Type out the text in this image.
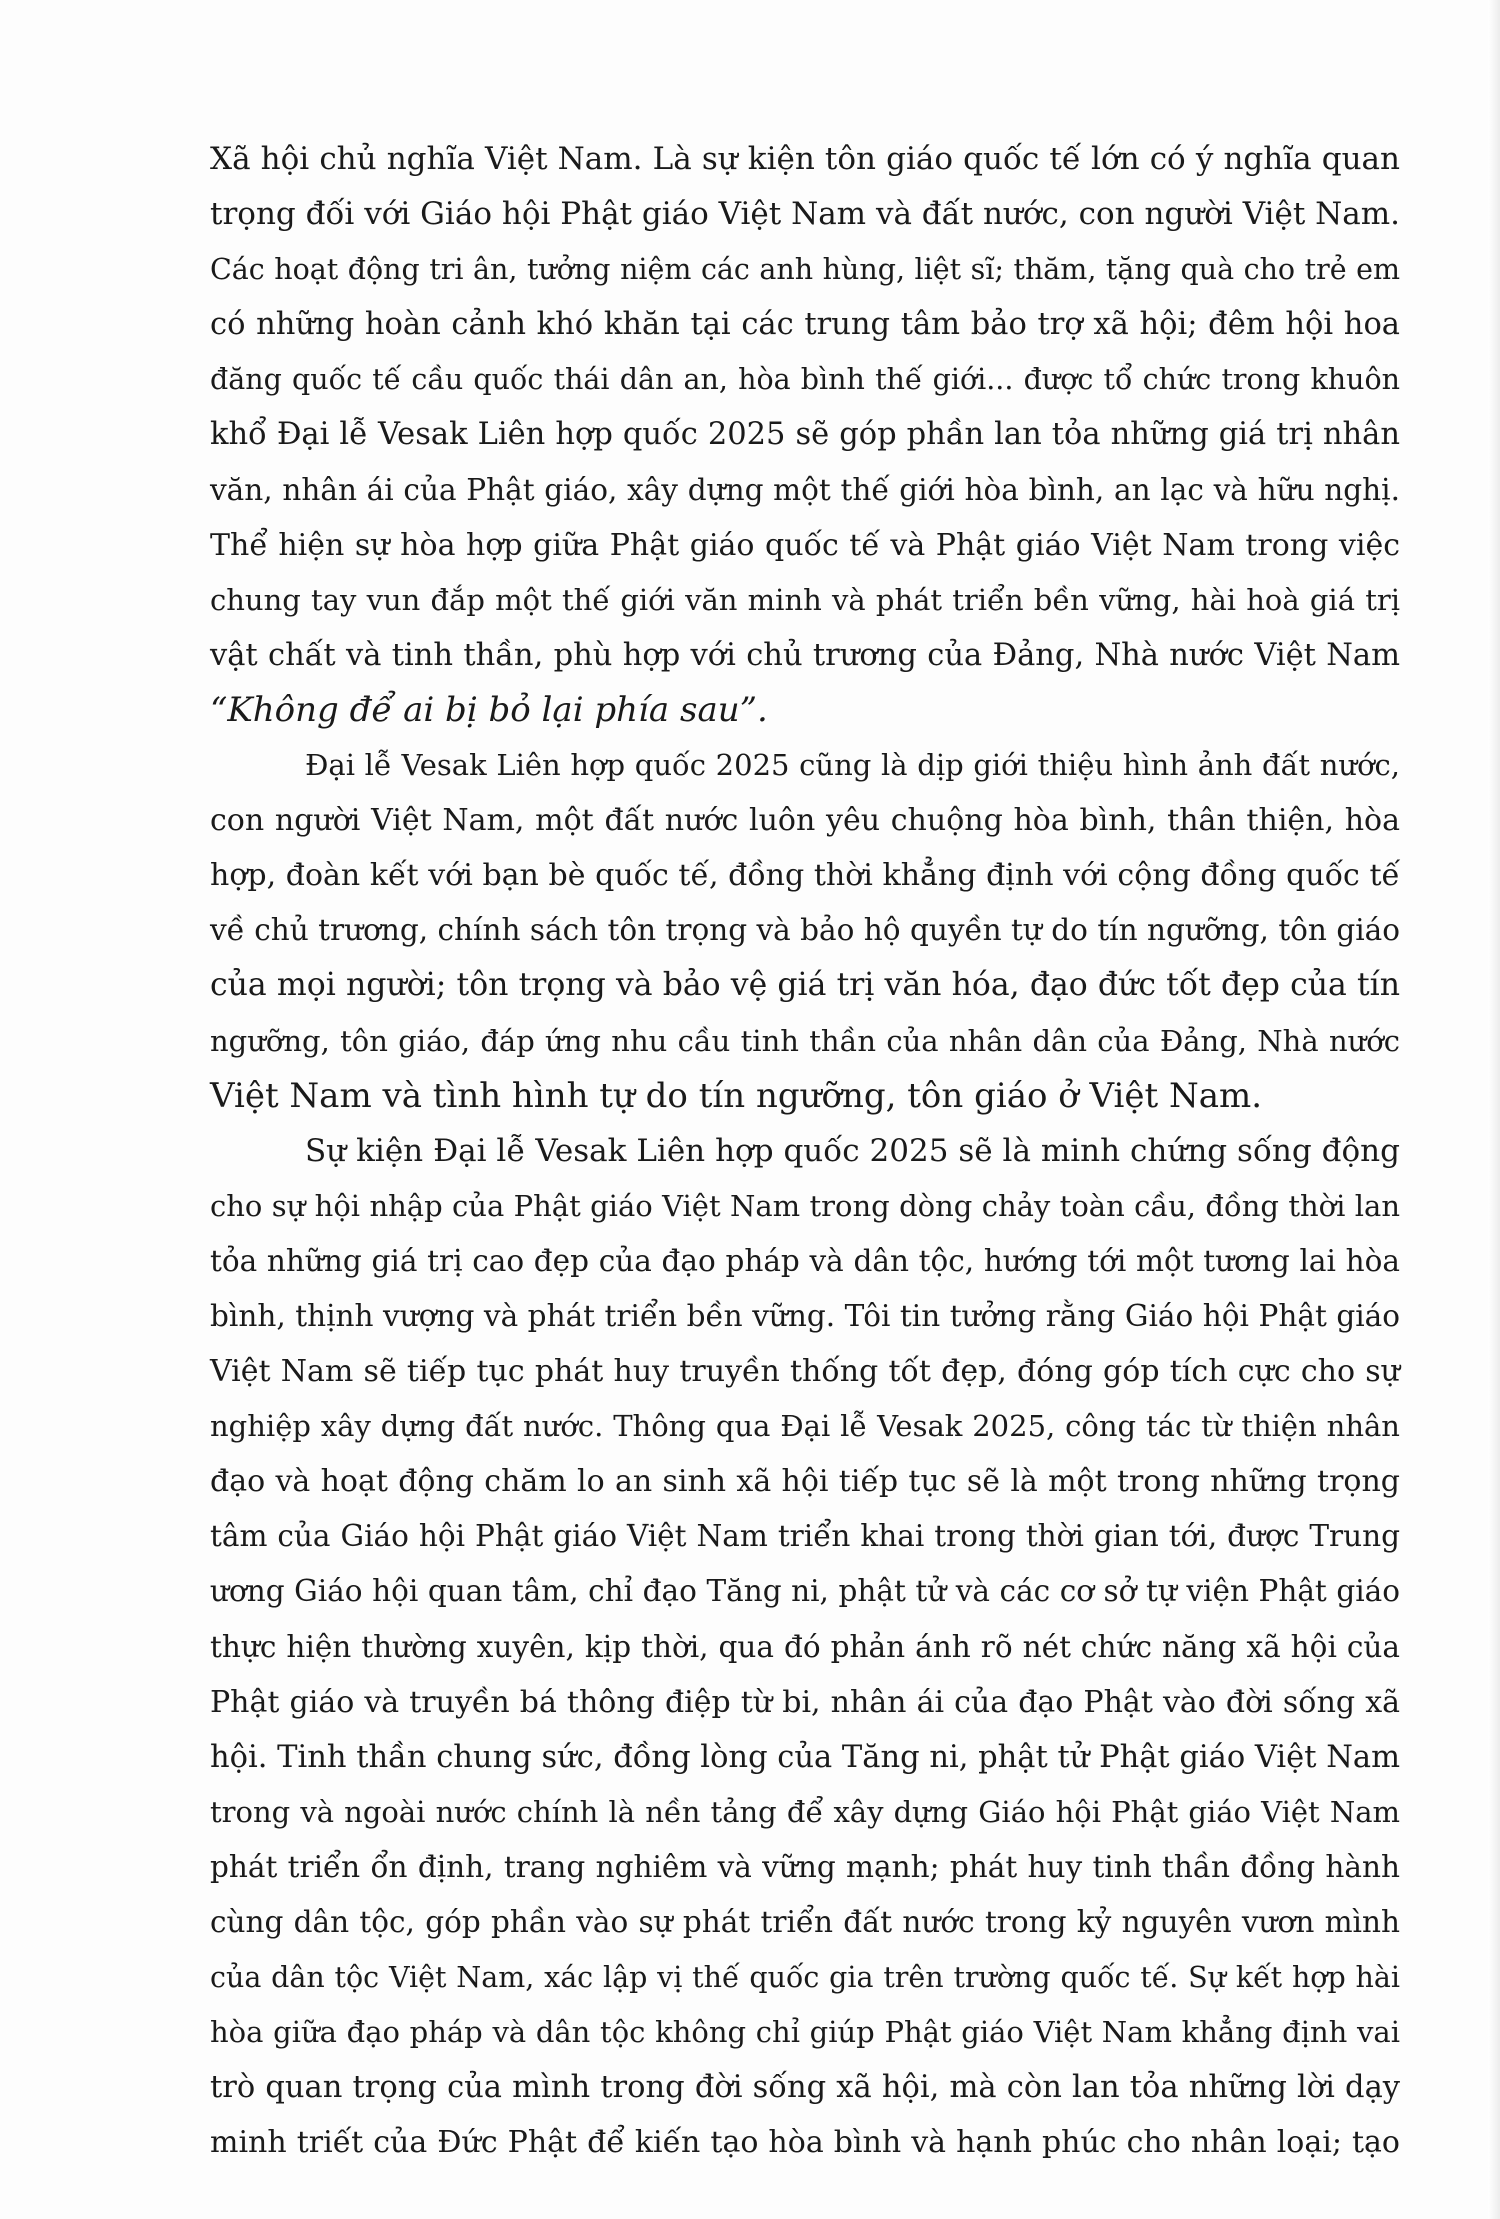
Xã hội chủ nghĩa Việt Nam. Là sự kiện tôn giáo quốc tế lớn có ý nghĩa quan
trọng đối với Giáo hội Phật giáo Việt Nam và đất nước, con người Việt Nam.
Các hoạt động tri ân, tưởng niệm các anh hùng, liệt sĩ; thăm, tặng quà cho trẻ em
có những hoàn cảnh khó khăn tại các trung tâm bảo trợ xã hội; đêm hội hoa
đăng quốc tế cầu quốc thái dân an, hòa bình thế giới... được tổ chức trong khuôn
khổ Đại lễ Vesak Liên hợp quốc 2025 sẽ góp phần lan tỏa những giá trị nhân
văn, nhân ái của Phật giáo, xây dựng một thế giới hòa bình, an lạc và hữu nghị.
Thể hiện sự hòa hợp giữa Phật giáo quốc tế và Phật giáo Việt Nam trong việc
chung tay vun đắp một thế giới văn minh và phát triển bền vững, hài hoà giá trị
vật chất và tinh thần, phù hợp với chủ trương của Đảng, Nhà nước Việt Nam
“Không để ai bị bỏ lại phía sau”.
Đại lễ Vesak Liên hợp quốc 2025 cũng là dịp giới thiệu hình ảnh đất nước,
con người Việt Nam, một đất nước luôn yêu chuộng hòa bình, thân thiện, hòa
hợp, đoàn kết với bạn bè quốc tế, đồng thời khẳng định với cộng đồng quốc tế
về chủ trương, chính sách tôn trọng và bảo hộ quyền tự do tín ngưỡng, tôn giáo
của mọi người; tôn trọng và bảo vệ giá trị văn hóa, đạo đức tốt đẹp của tín
ngưỡng, tôn giáo, đáp ứng nhu cầu tinh thần của nhân dân của Đảng, Nhà nước
Việt Nam và tình hình tự do tín ngưỡng, tôn giáo ở Việt Nam.
Sự kiện Đại lễ Vesak Liên hợp quốc 2025 sẽ là minh chứng sống động
cho sự hội nhập của Phật giáo Việt Nam trong dòng chảy toàn cầu, đồng thời lan
tỏa những giá trị cao đẹp của đạo pháp và dân tộc, hướng tới một tương lai hòa
bình, thịnh vượng và phát triển bền vững. Tôi tin tưởng rằng Giáo hội Phật giáo
Việt Nam sẽ tiếp tục phát huy truyền thống tốt đẹp, đóng góp tích cực cho sự
nghiệp xây dựng đất nước. Thông qua Đại lễ Vesak 2025, công tác từ thiện nhân
đạo và hoạt động chăm lo an sinh xã hội tiếp tục sẽ là một trong những trọng
tâm của Giáo hội Phật giáo Việt Nam triển khai trong thời gian tới, được Trung
ương Giáo hội quan tâm, chỉ đạo Tăng ni, phật tử và các cơ sở tự viện Phật giáo
thực hiện thường xuyên, kịp thời, qua đó phản ánh rõ nét chức năng xã hội của
Phật giáo và truyền bá thông điệp từ bi, nhân ái của đạo Phật vào đời sống xã
hội. Tinh thần chung sức, đồng lòng của Tăng ni, phật tử Phật giáo Việt Nam
trong và ngoài nước chính là nền tảng để xây dựng Giáo hội Phật giáo Việt Nam
phát triển ổn định, trang nghiêm và vững mạnh; phát huy tinh thần đồng hành
cùng dân tộc, góp phần vào sự phát triển đất nước trong kỷ nguyên vươn mình
của dân tộc Việt Nam, xác lập vị thế quốc gia trên trường quốc tế. Sự kết hợp hài
hòa giữa đạo pháp và dân tộc không chỉ giúp Phật giáo Việt Nam khẳng định vai
trò quan trọng của mình trong đời sống xã hội, mà còn lan tỏa những lời dạy
minh triết của Đức Phật để kiến tạo hòa bình và hạnh phúc cho nhân loại; tạo
